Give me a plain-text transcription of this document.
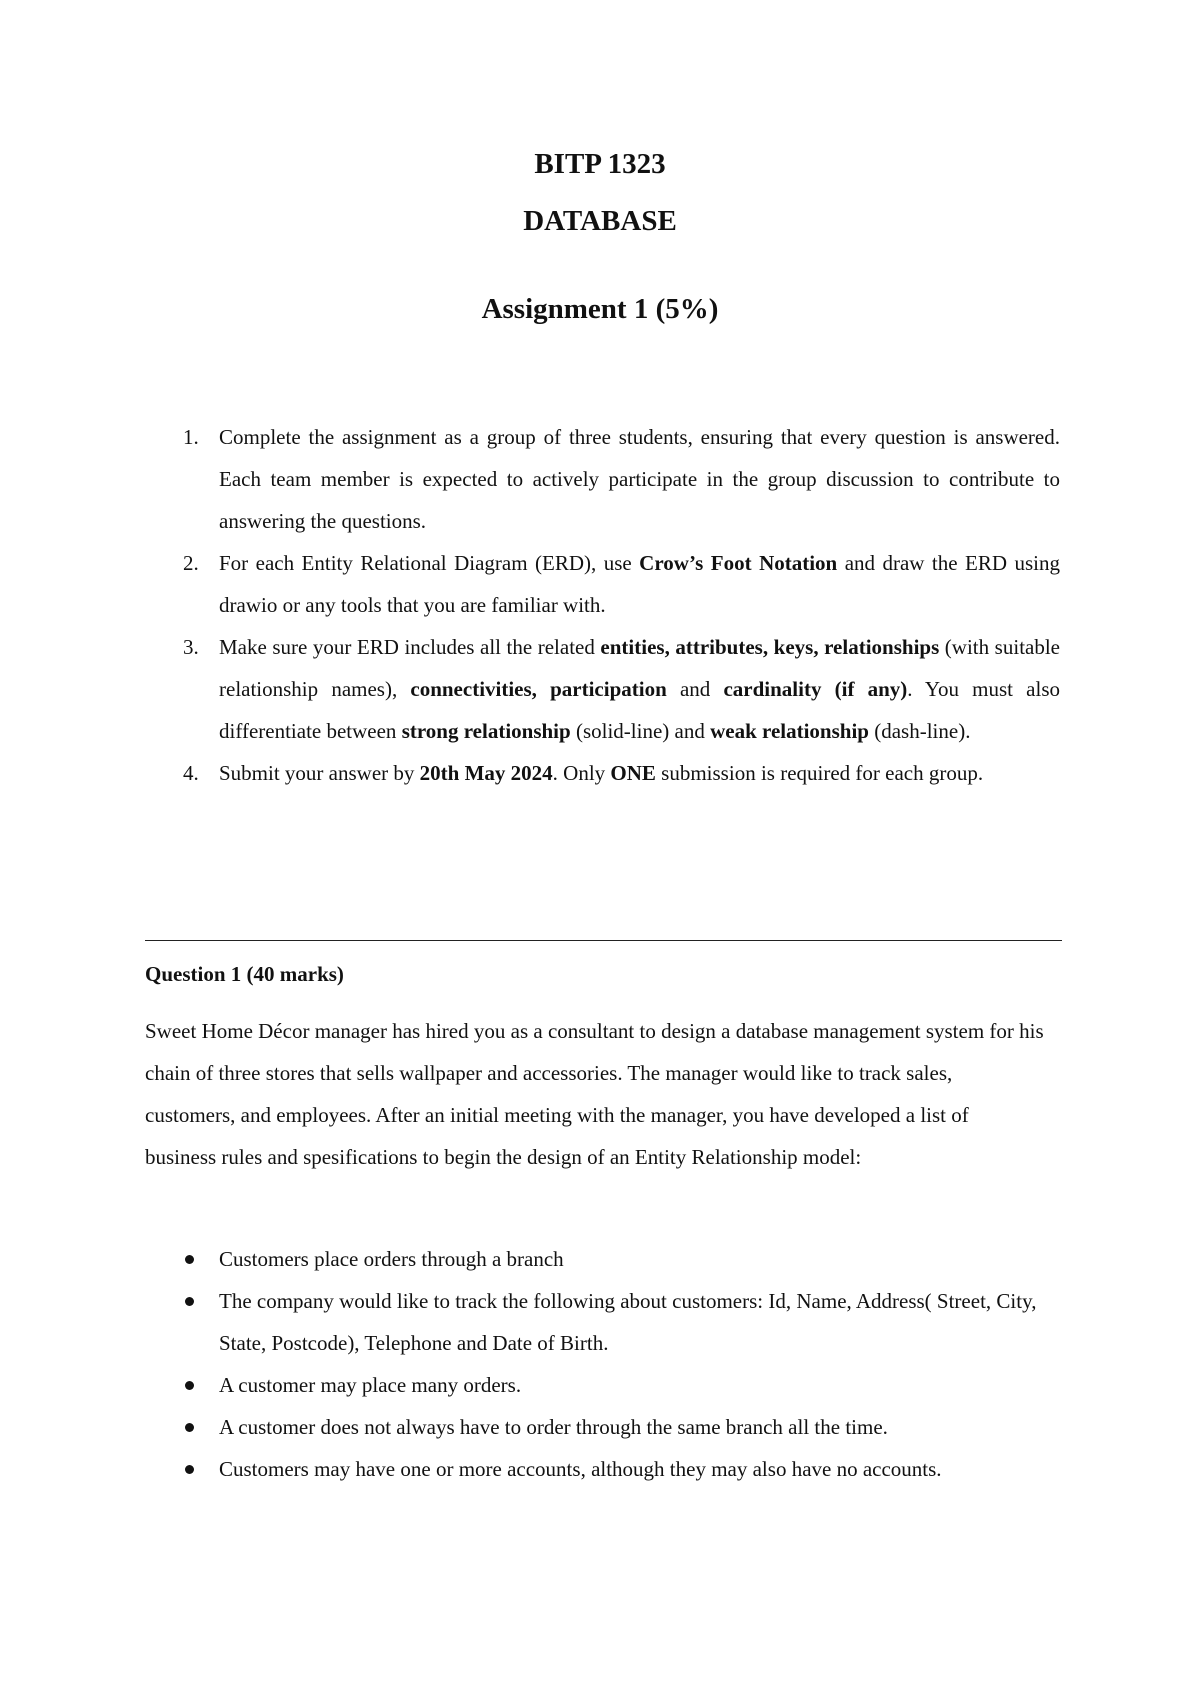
BITP 1323
DATABASE
Assignment 1 (5%)
1. Complete the assignment as a group of three students, ensuring that every question is answered. Each team member is expected to actively participate in the group discussion to contribute to answering the questions.
2. For each Entity Relational Diagram (ERD), use Crow’s Foot Notation and draw the ERD using drawio or any tools that you are familiar with.
3. Make sure your ERD includes all the related entities, attributes, keys, relationships (with suitable relationship names), connectivities, participation and cardinality (if any). You must also differentiate between strong relationship (solid-line) and weak relationship (dash-line).
4. Submit your answer by 20th May 2024. Only ONE submission is required for each group.
Question 1 (40 marks)

Sweet Home Décor manager has hired you as a consultant to design a database management system for his chain of three stores that sells wallpaper and accessories. The manager would like to track sales, customers, and employees. After an initial meeting with the manager, you have developed a list of business rules and spesifications to begin the design of an Entity Relationship model:

Customers place orders through a branch
The company would like to track the following about customers: Id, Name, Address( Street, City, State, Postcode), Telephone and Date of Birth.
A customer may place many orders.
A customer does not always have to order through the same branch all the time.
Customers may have one or more accounts, although they may also have no accounts.
